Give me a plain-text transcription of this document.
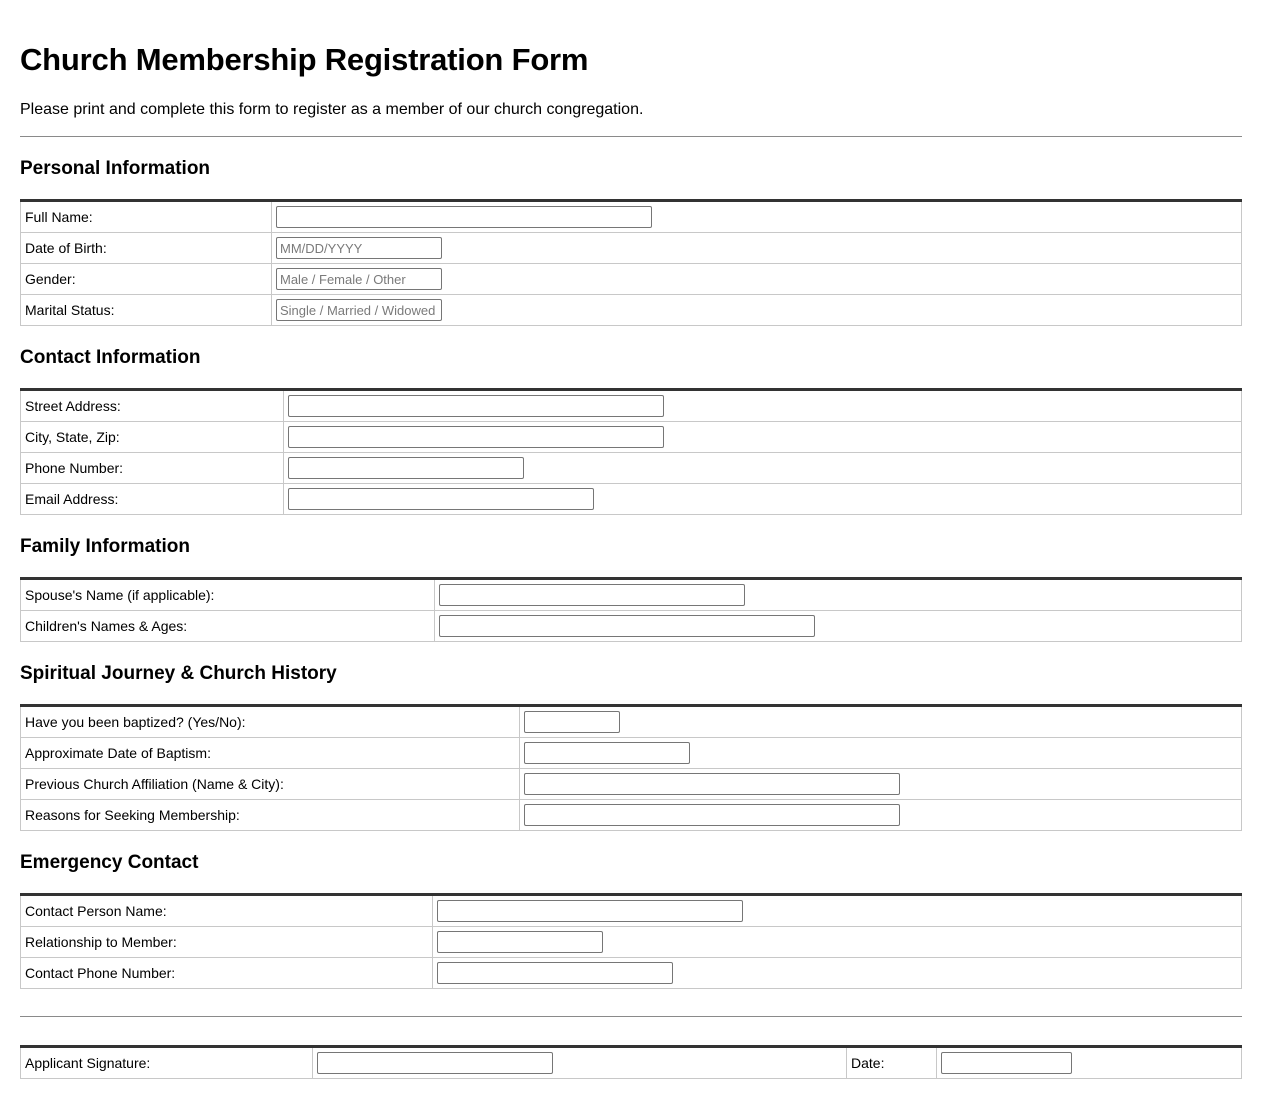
Church Membership Registration Form

Please print and complete this form to register as a member of our church congregation.

Personal Information
Full Name:	

Date of Birth:	
MM/DD/YYYY
Gender:	
Male / Female / Other
Marital Status:	
Single / Married / Widowed
Contact Information
Street Address:	

City, State, Zip:	

Phone Number:	

Email Address:	
Family Information
Spouse's Name (if applicable):	

Children's Names & Ages:	
Spiritual Journey & Church History
Have you been baptized? (Yes/No):	

Approximate Date of Baptism:	

Previous Church Affiliation (Name & City):	

Reasons for Seeking Membership:	
Emergency Contact
Contact Person Name:	

Relationship to Member:	

Contact Phone Number:	
Applicant Signature:		Date:	
